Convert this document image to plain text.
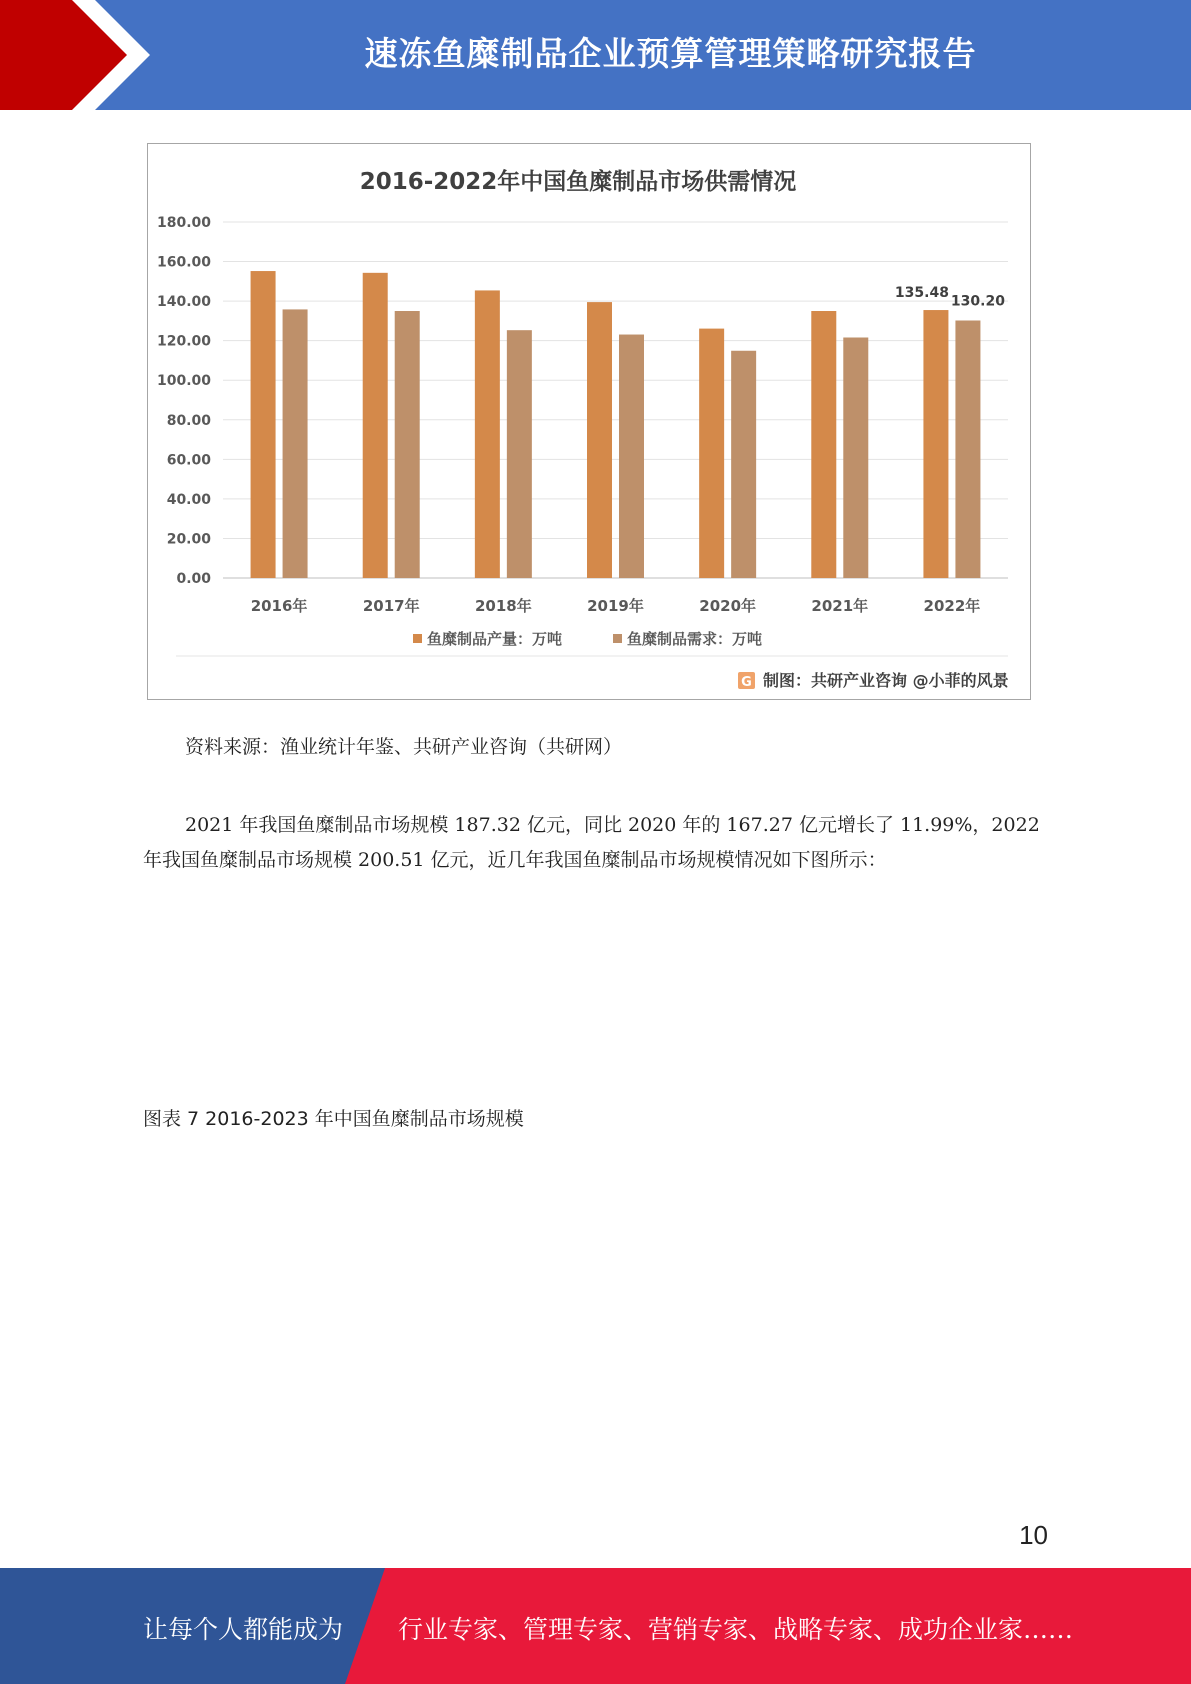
速冻鱼糜制品企业预算管理策略研究报告
2016-2022年中国鱼糜制品市场供需情况
0.00
20.00
40.00
60.00
80.00
100.00
120.00
140.00
160.00
180.00
2016年	2017年	2018年	2019年	2020年	2021年	2022年
135.48
130.20
鱼糜制品产量：万吨	鱼糜制品需求：万吨
G 制图：共研产业咨询 @小菲的风景
资料来源：渔业统计年鉴、共研产业咨询（共研网）

2021 年我国鱼糜制品市场规模 187.32 亿元，同比 2020 年的 167.27 亿元增长了 11.99%，2022 年我国鱼糜制品市场规模 200.51 亿元，近几年我国鱼糜制品市场规模情况如下图所示：

图表 7 2016-2023 年中国鱼糜制品市场规模
10
让每个人都能成为 行业专家、管理专家、营销专家、战略专家、成功企业家……
